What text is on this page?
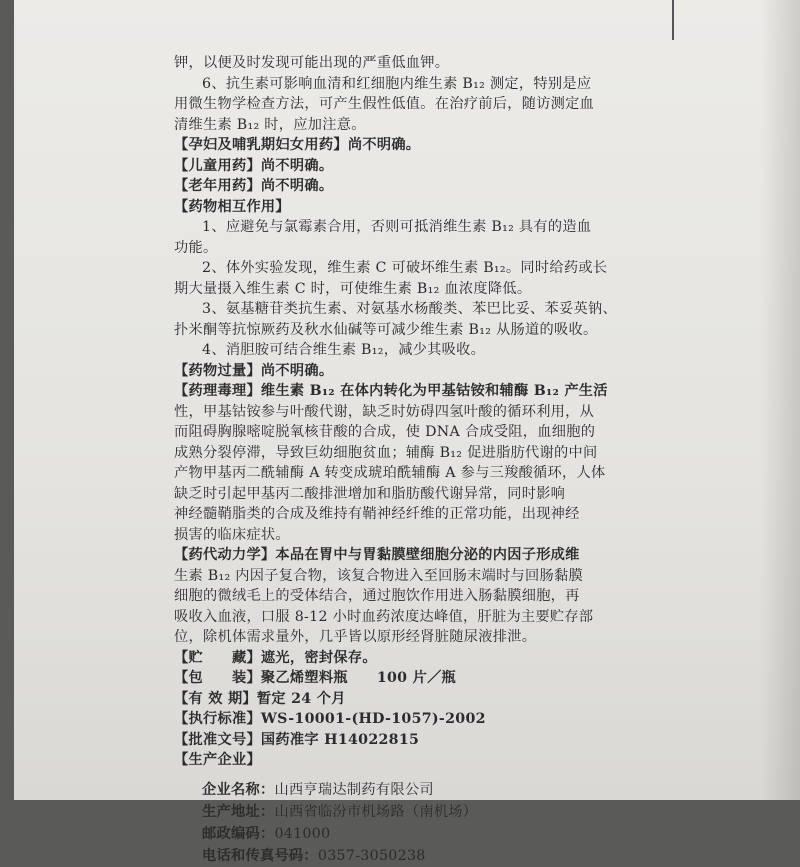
钾，以便及时发现可能出现的严重低血钾。
6、抗生素可影响血清和红细胞内维生素 B₁₂ 测定，特别是应
用微生物学检查方法，可产生假性低值。在治疗前后，随访测定血
清维生素 B₁₂ 时，应加注意。
【孕妇及哺乳期妇女用药】尚不明确。
【儿童用药】尚不明确。
【老年用药】尚不明确。
【药物相互作用】
1、应避免与氯霉素合用，否则可抵消维生素 B₁₂ 具有的造血
功能。
2、体外实验发现，维生素 C 可破坏维生素 B₁₂。同时给药或长
期大量摄入维生素 C 时，可使维生素 B₁₂ 血浓度降低。
3、氨基糖苷类抗生素、对氨基水杨酸类、苯巴比妥、苯妥英钠、
扑米酮等抗惊厥药及秋水仙碱等可减少维生素 B₁₂ 从肠道的吸收。
4、消胆胺可结合维生素 B₁₂，减少其吸收。
【药物过量】尚不明确。
【药理毒理】维生素 B₁₂ 在体内转化为甲基钴铵和辅酶 B₁₂ 产生活
性，甲基钴铵参与叶酸代谢，缺乏时妨碍四氢叶酸的循环利用，从
而阻碍胸腺嘧啶脱氧核苷酸的合成，使 DNA 合成受阻，血细胞的
成熟分裂停滞，导致巨幼细胞贫血；辅酶 B₁₂ 促进脂肪代谢的中间
产物甲基丙二酰辅酶 A 转变成琥珀酰辅酶 A 参与三羧酸循环，人体
缺乏时引起甲基丙二酸排泄增加和脂肪酸代谢异常，同时影响
神经髓鞘脂类的合成及维持有鞘神经纤维的正常功能，出现神经
损害的临床症状。
【药代动力学】本品在胃中与胃黏膜壁细胞分泌的内因子形成维
生素 B₁₂ 内因子复合物，该复合物进入至回肠末端时与回肠黏膜
细胞的微绒毛上的受体结合，通过胞饮作用进入肠黏膜细胞，再
吸收入血液，口服 8-12 小时血药浓度达峰值，肝脏为主要贮存部
位，除机体需求量外，几乎皆以原形经肾脏随尿液排泄。
【贮　　藏】遮光，密封保存。
【包　　装】聚乙烯塑料瓶　　100 片／瓶
【有 效 期】暂定 24 个月
【执行标准】WS-10001-(HD-1057)-2002
【批准文号】国药准字 H14022815
【生产企业】
企业名称：山西亨瑞达制药有限公司
生产地址：山西省临汾市机场路（南机场）
邮政编码：041000
电话和传真号码：0357-3050238
